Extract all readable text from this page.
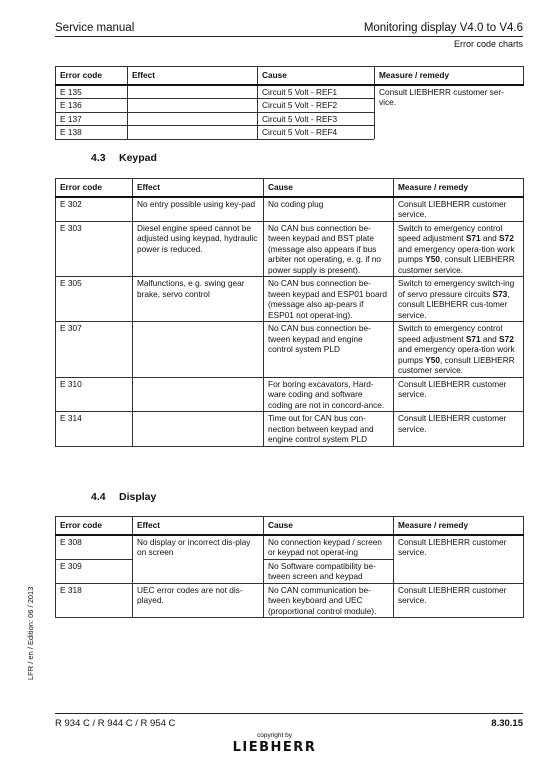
Service manual	Monitoring display V4.0 to V4.6
Error code charts
Error code	Effect	Cause	Measure / remedy
E 135		Circuit 5 Volt - REF1	Consult LIEBHERR customer ser-vice.
E 136		Circuit 5 Volt - REF2	
E 137		Circuit 5 Volt - REF3	
E 138		Circuit 5 Volt - REF4	
4.3 Keypad
Error code	Effect	Cause	Measure / remedy
E 302	No entry possible using key-pad	No coding plug	Consult LIEBHERR customer service.
E 303	Diesel engine speed cannot be adjusted using keypad, hydraulic power is reduced.	No CAN bus connection be-tween keypad and BST plate (message also appears if bus arbiter not operating, e. g. if no power supply is present).	Switch to emergency control speed adjustment S71 and S72 and emergency opera-tion work pumps Y50, consult LIEBHERR customer service.
E 305	Malfunctions, e g. swing gear brake, servo control	No CAN bus connection be-tween keypad and ESP01 board (message also ap-pears if ESP01 not operat-ing).	Switch to emergency switch-ing of servo pressure circuits S73, consult LIEBHERR cus-tomer service.
E 307		No CAN bus connection be-tween keypad and engine control system PLD	Switch to emergency control speed adjustment S71 and S72 and emergency opera-tion work pumps Y50, consult LIEBHERR customer service.
E 310		For boring excavators, Hard-ware coding and software coding are not in concord-ance.	Consult LIEBHERR customer service.
E 314		Time out for CAN bus con-nection between keypad and engine control system PLD	Consult LIEBHERR customer service.
4.4 Display
Error code	Effect	Cause	Measure / remedy
E 308	No display or incorrect dis-play on screen	No connection keypad / screen or keypad not operat-ing	Consult LIEBHERR customer service.
E 309		No Software compatibility be-tween screen and keypad	
E 318	UEC error codes are not dis-played.	No CAN communication be-tween keyboard and UEC (proportional control module).	Consult LIEBHERR customer service.
LFR / en / Edition: 06 / 2013
R 934 C / R 944 C / R 954 C	8.30.15
copyright by
LIEBHERR
